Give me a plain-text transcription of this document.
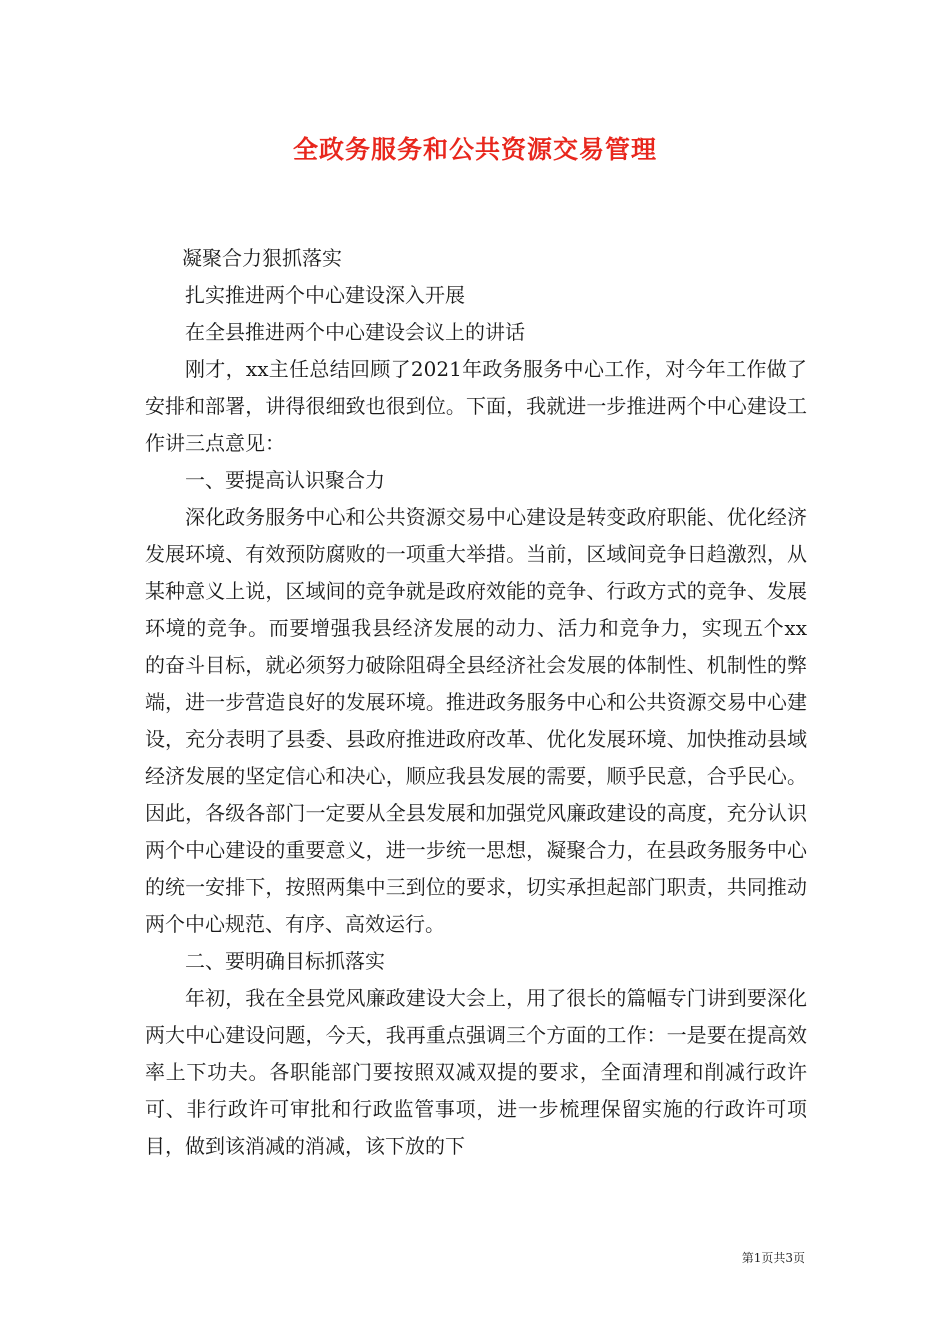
全政务服务和公共资源交易管理

凝聚合力狠抓落实

扎实推进两个中心建设深入开展

在全县推进两个中心建设会议上的讲话

刚才，xx主任总结回顾了2021年政务服务中心工作，对今年工作做了安排和部署，讲得很细致也很到位。下面，我就进一步推进两个中心建设工作讲三点意见：

一、要提高认识聚合力

深化政务服务中心和公共资源交易中心建设是转变政府职能、优化经济发展环境、有效预防腐败的一项重大举措。当前，区域间竞争日趋激烈，从某种意义上说，区域间的竞争就是政府效能的竞争、行政方式的竞争、发展环境的竞争。而要增强我县经济发展的动力、活力和竞争力，实现五个xx的奋斗目标，就必须努力破除阻碍全县经济社会发展的体制性、机制性的弊端，进一步营造良好的发展环境。推进政务服务中心和公共资源交易中心建设，充分表明了县委、县政府推进政府改革、优化发展环境、加快推动县域经济发展的坚定信心和决心，顺应我县发展的需要，顺乎民意，合乎民心。因此，各级各部门一定要从全县发展和加强党风廉政建设的高度，充分认识两个中心建设的重要意义，进一步统一思想，凝聚合力，在县政务服务中心的统一安排下，按照两集中三到位的要求，切实承担起部门职责，共同推动两个中心规范、有序、高效运行。

二、要明确目标抓落实

年初，我在全县党风廉政建设大会上，用了很长的篇幅专门讲到要深化两大中心建设问题，今天，我再重点强调三个方面的工作：一是要在提高效率上下功夫。各职能部门要按照双减双提的要求，全面清理和削减行政许可、非行政许可审批和行政监管事项，进一步梳理保留实施的行政许可项目，做到该消减的消减，该下放的下

第1页共3页
